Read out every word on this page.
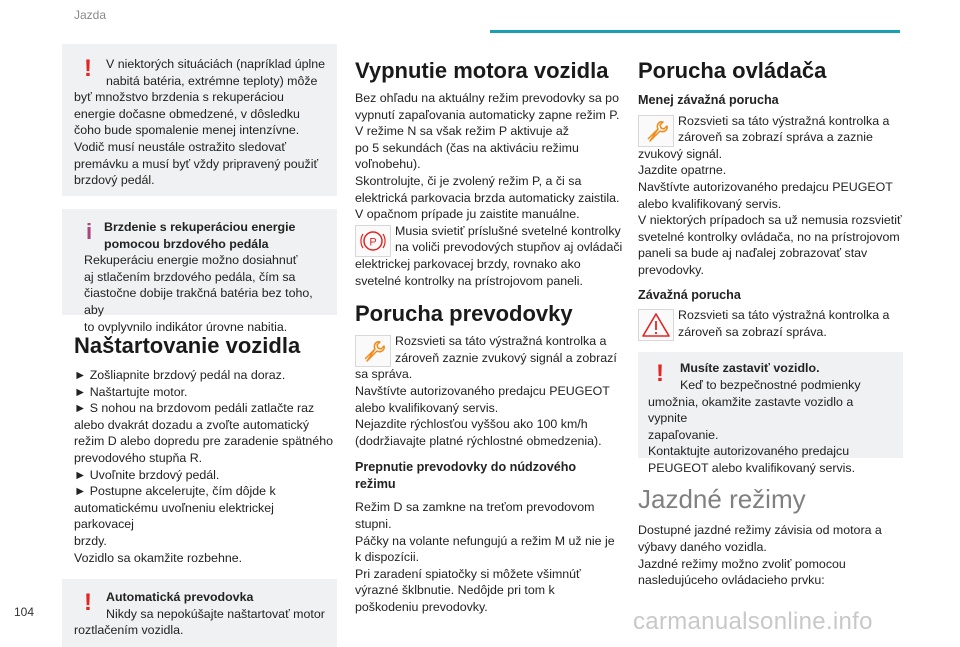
Jazda
!	V niektorých situáciách (napríklad úplne

nabitá batéria, extrémne teploty) môže

byť množstvo brzdenia s rekuperáciou

energie dočasne obmedzené, v dôsledku

čoho bude spomalenie menej intenzívne.

Vodič musí neustále ostražito sledovať

premávku a musí byť vždy pripravený použiť

brzdový pedál.

i Brzdenie s rekuperáciou energie

pomocou brzdového pedála

Rekuperáciu energie možno dosiahnuť

aj stlačením brzdového pedála, čím sa

čiastočne dobije trakčná batéria bez toho, aby

to ovplyvnilo indikátor úrovne nabitia.

Naštartovanie vozidla

► Zošliapnite brzdový pedál na doraz.

► Naštartujte motor.

► S nohou na brzdovom pedáli zatlačte raz

alebo dvakrát dozadu a zvoľte automatický

režim D alebo dopredu pre zaradenie spätného

prevodového stupňa R.

► Uvoľnite brzdový pedál.

► Postupne akcelerujte, čím dôjde k

automatickému uvoľneniu elektrickej parkovacej

brzdy.

Vozidlo sa okamžite rozbehne.

!	Automatická prevodovka

Nikdy sa nepokúšajte naštartovať motor

roztlačením vozidla.

Vypnutie motora vozidla

Bez ohľadu na aktuálny režim prevodovky sa po

vypnutí zapaľovania automaticky zapne režim P.

V režime N sa však režim P aktivuje až

po 5 sekundách (čas na aktiváciu režimu

voľnobehu).

Skontrolujte, či je zvolený režim P, a či sa

elektrická parkovacia brzda automaticky zaistila.

V opačnom prípade ju zaistite manuálne.

P

Musia svietiť príslušné svetelné kontrolky

na voliči prevodových stupňov aj ovládači

elektrickej parkovacej brzdy, rovnako ako

svetelné kontrolky na prístrojovom paneli.

Porucha prevodovky

Rozsvieti sa táto výstražná kontrolka a

zároveň zaznie zvukový signál a zobrazí

sa správa.

Navštívte autorizovaného predajcu PEUGEOT

alebo kvalifikovaný servis.

Nejazdite rýchlosťou vyššou ako 100 km/h

(dodržiavajte platné rýchlostné obmedzenia).

Prepnutie prevodovky do núdzového
režimu

Režim D sa zamkne na treťom prevodovom

stupni.

Páčky na volante nefungujú a režim M už nie je

k dispozícii.

Pri zaradení spiatočky si môžete všimnúť

výrazné šklbnutie. Nedôjde pri tom k

poškodeniu prevodovky.

Porucha ovládača
Menej závažná porucha

Rozsvieti sa táto výstražná kontrolka a

zároveň sa zobrazí správa a zaznie

zvukový signál.

Jazdite opatrne.

Navštívte autorizovaného predajcu PEUGEOT

alebo kvalifikovaný servis.

V niektorých prípadoch sa už nemusia rozsvietiť

svetelné kontrolky ovládača, no na prístrojovom

paneli sa bude aj naďalej zobrazovať stav

prevodovky.

Závažná porucha

Rozsvieti sa táto výstražná kontrolka a

zároveň sa zobrazí správa.

!	Musíte zastaviť vozidlo.

Keď to bezpečnostné podmienky

umožnia, okamžite zastavte vozidlo a vypnite

zapaľovanie.

Kontaktujte autorizovaného predajcu

PEUGEOT alebo kvalifikovaný servis.

Jazdné režimy

Dostupné jazdné režimy závisia od motora a

výbavy daného vozidla.

Jazdné režimy možno zvoliť pomocou

nasledujúceho ovládacieho prvku:

104	carmanualsonline.info
